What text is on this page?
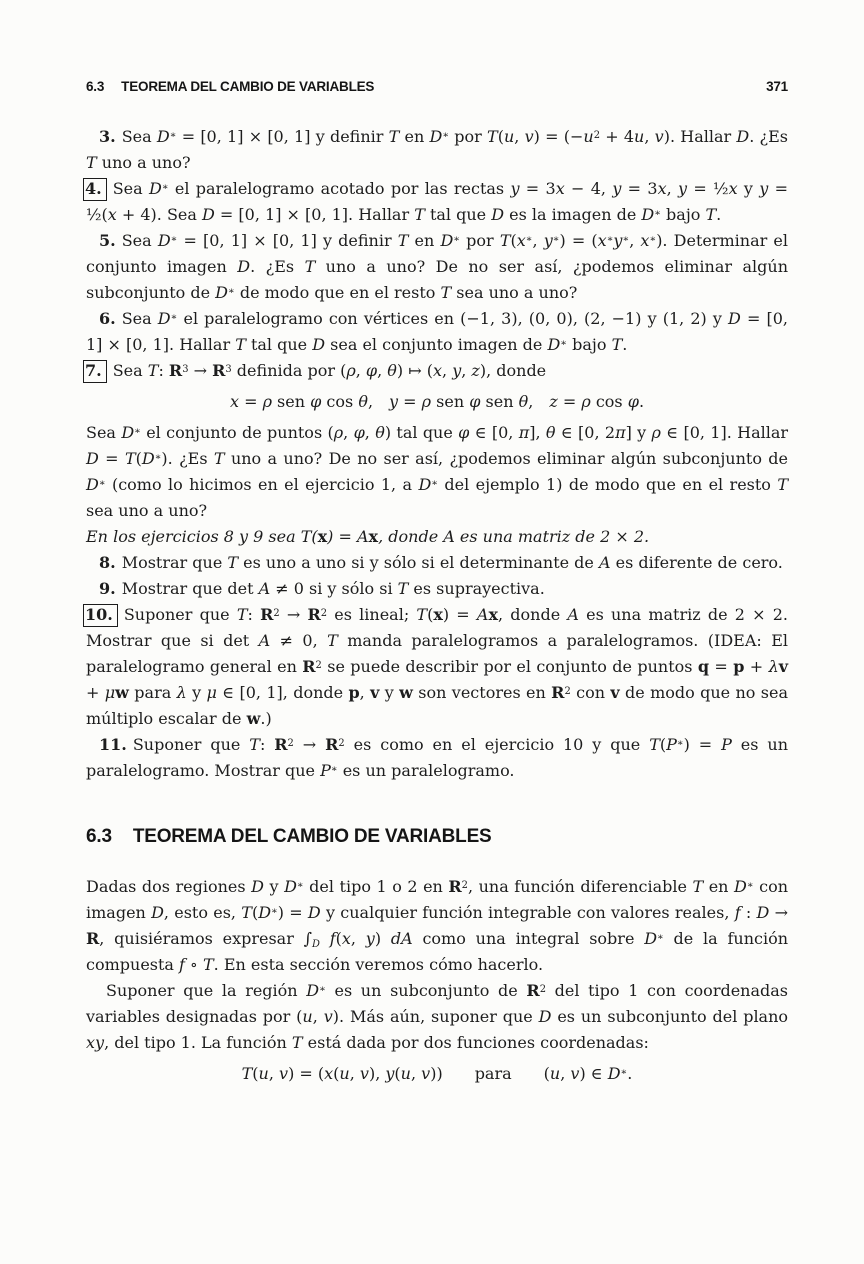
6.3 TEOREMA DEL CAMBIO DE VARIABLES	371

3. Sea D∗ = [0, 1] × [0, 1] y definir T en D∗ por T(u, $v) = (-u^2 + 4u$, v). Hallar D. ¿Es T uno a uno?

4. Sea D∗ el paralelogramo acotado por las rectas y = 3x − 4, y = 3x, y = ½x y y = ½(x + 4). Sea D = [0, 1] × [0, 1]. Hallar T tal que D es la imagen de D∗ bajo T.

5. Sea D∗ = [0, 1] × [0, 1] y definir T en D∗ por T(x∗, y∗) = (x∗y∗, x∗). Determinar el conjunto imagen D. ¿Es T uno a uno? De no ser así, ¿podemos eliminar algún subconjunto de D∗ de modo que en el resto T sea uno a uno?

6. Sea D∗ el paralelogramo con vértices en (−1, 3), (0, 0), (2, −1) y (1, 2) y D = [0, 1] × [0, 1]. Hallar T tal que D sea el conjunto imagen de D∗ bajo T.

7. Sea T: $R^3 \to R^3$ definida por (ρ, φ, θ) ↦ (x, y, z), donde

x = ρ sen φ cos θ,  y = ρ sen φ sen θ,  z = ρ cos φ.

Sea D∗ el conjunto de puntos (ρ, φ, θ) tal que φ ∈ [0, π], θ ∈ [0, 2π] y ρ ∈ [0, 1]. Hallar D = T(D∗). ¿Es T uno a uno? De no ser así, ¿podemos eliminar algún subconjunto de D∗ (como lo hicimos en el ejercicio 1, a D∗ del ejemplo 1) de modo que en el resto T sea uno a uno?

En los ejercicios 8 y 9 sea T(x) = Ax, donde A es una matriz de 2 × 2.

8. Mostrar que T es uno a uno si y sólo si el determinante de A es diferente de cero.

9. Mostrar que det A ≠ 0 si y sólo si T es suprayectiva.

10. Suponer que T: $R^2 \to R^2$ es lineal; T(x) = Ax, donde A es una matriz de 2 × 2. Mostrar que si det A ≠ 0, T manda paralelogramos a paralelogramos. (IDEA: El paralelogramo general en $R^2$ se puede describir por el conjunto de puntos q = p + λv + μw para λ y μ ∈ [0, 1], donde p, v y w son vectores en $R^2$ con v de modo que no sea múltiplo escalar de w.)

11. Suponer que T: $R^2 \to R^2$ es como en el ejercicio 10 y que T(P∗) = P es un paralelogramo. Mostrar que P∗ es un paralelogramo.

6.3 TEOREMA DEL CAMBIO DE VARIABLES

Dadas dos regiones D y D∗ del tipo 1 o 2 en $R^2$, una función diferenciable T en D∗ con imagen D, esto es, T(D∗) = D y cualquier función integrable con valores reales, f : D → R, quisiéramos expresar $\int_D$ f(x, y) dA como una integral sobre D∗ de la función compuesta f ∘ T. En esta sección veremos cómo hacerlo.

Suponer que la región D∗ es un subconjunto de $R^2$ del tipo 1 con coordenadas variables designadas por (u, v). Más aún, suponer que D es un subconjunto del plano xy, del tipo 1. La función T está dada por dos funciones coordenadas:

T(u, v) = (x(u, v), y(u, v))  para  (u, v) ∈ D∗.
